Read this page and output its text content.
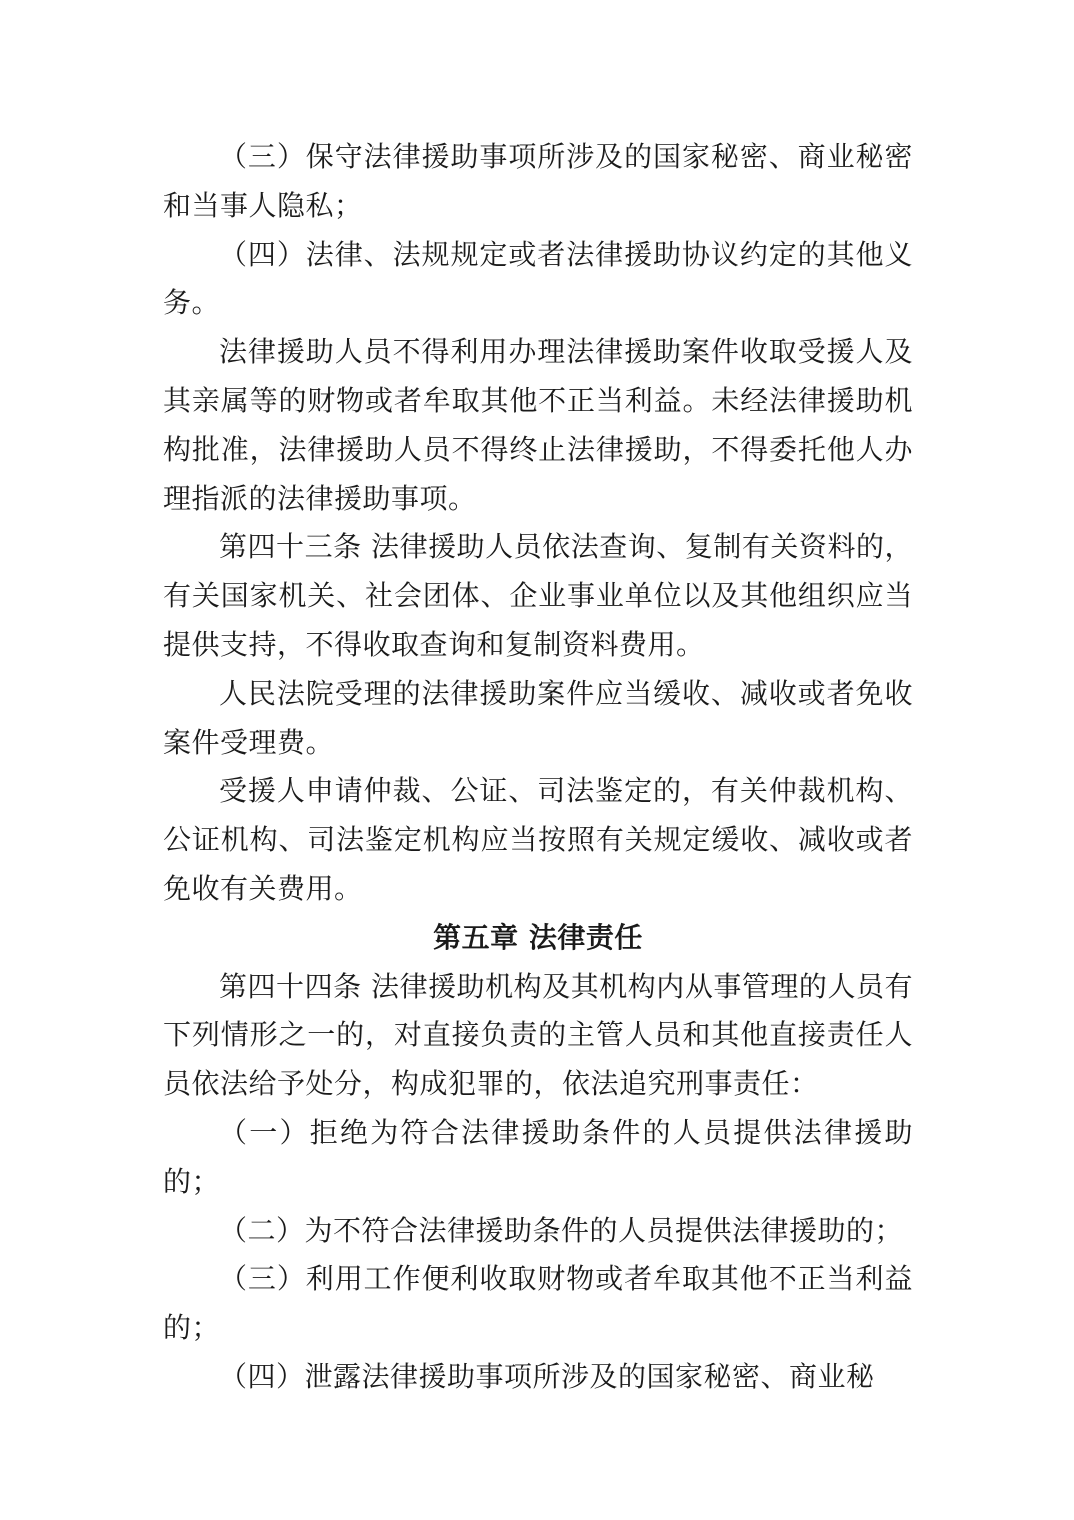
（三）保守法律援助事项所涉及的国家秘密、商业秘密和当事人隐私；

（四）法律、法规规定或者法律援助协议约定的其他义务。

法律援助人员不得利用办理法律援助案件收取受援人及其亲属等的财物或者牟取其他不正当利益。未经法律援助机构批准，法律援助人员不得终止法律援助，不得委托他人办理指派的法律援助事项。

第四十三条 法律援助人员依法查询、复制有关资料的，有关国家机关、社会团体、企业事业单位以及其他组织应当提供支持，不得收取查询和复制资料费用。

人民法院受理的法律援助案件应当缓收、减收或者免收案件受理费。

受援人申请仲裁、公证、司法鉴定的，有关仲裁机构、公证机构、司法鉴定机构应当按照有关规定缓收、减收或者免收有关费用。

第五章 法律责任

第四十四条 法律援助机构及其机构内从事管理的人员有下列情形之一的，对直接负责的主管人员和其他直接责任人员依法给予处分，构成犯罪的，依法追究刑事责任：

（一）拒绝为符合法律援助条件的人员提供法律援助的；

（二）为不符合法律援助条件的人员提供法律援助的；

（三）利用工作便利收取财物或者牟取其他不正当利益的；

（四）泄露法律援助事项所涉及的国家秘密、商业秘
